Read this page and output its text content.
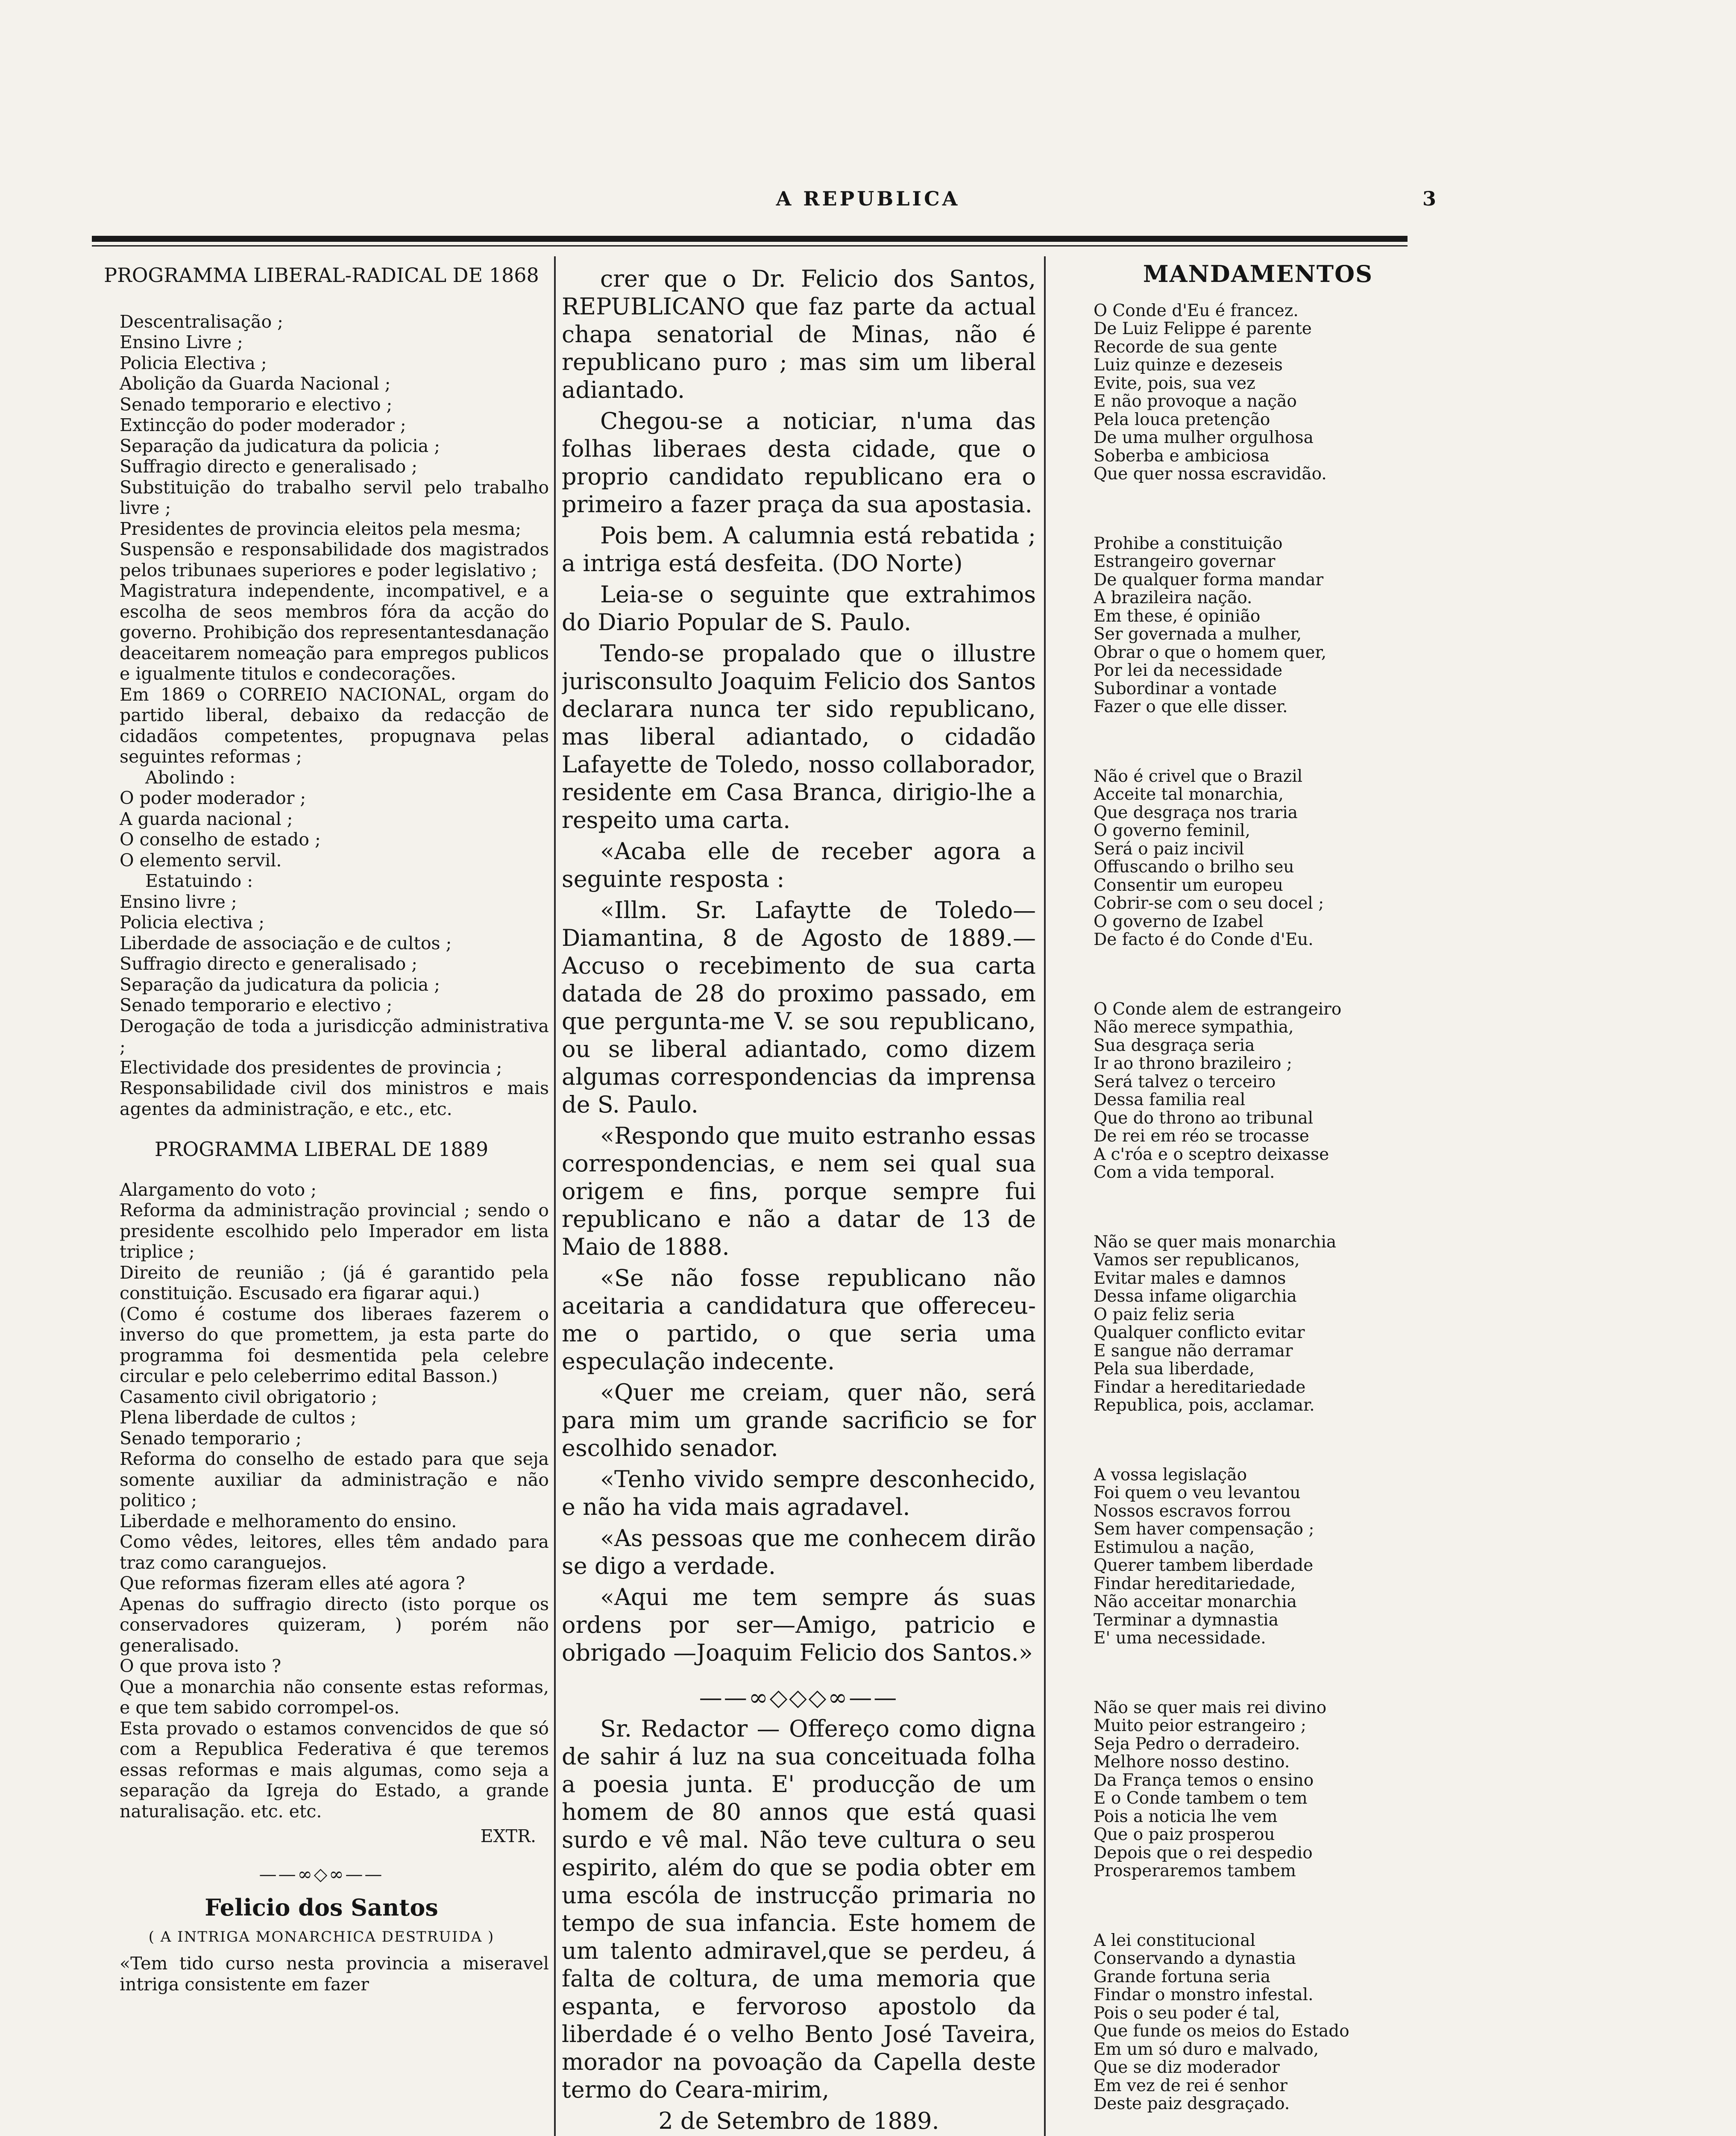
A REPUBLICA	3

PROGRAMMA LIBERAL-RADICAL DE 1868

Descentralisação ;

Ensino Livre ;

Policia Electiva ;

Abolição da Guarda Nacional ;

Senado temporario e electivo ;

Extincção do poder moderador ;

Separação da judicatura da policia ;

Suffragio directo e generalisado ;

Substituição do trabalho servil pelo trabalho livre ;

Presidentes de provincia eleitos pela mesma;

Suspensão e responsabilidade dos magistrados pelos tribunaes superiores e poder legislativo ;

Magistratura independente, incompativel, e a escolha de seos membros fóra da acção do governo. Prohibição dos representantesdanação deaceitarem nomeação para empregos publicos e igualmente titulos e condecorações.

Em 1869 o CORREIO NACIONAL, orgam do partido liberal, debaixo da redacção de cidadãos competentes, propugnava pelas seguintes reformas ;

Abolindo :

O poder moderador ;

A guarda nacional ;

O conselho de estado ;

O elemento servil.

Estatuindo :

Ensino livre ;

Policia electiva ;

Liberdade de associação e de cultos ;

Suffragio directo e generalisado ;

Separação da judicatura da policia ;

Senado temporario e electivo ;

Derogação de toda a jurisdicção administrativa ;

Electividade dos presidentes de provincia ;

Responsabilidade civil dos ministros e mais agentes da administração, e etc., etc.

PROGRAMMA LIBERAL DE 1889

Alargamento do voto ;

Reforma da administração provincial ; sendo o presidente escolhido pelo Imperador em lista triplice ;

Direito de reunião ; (já é garantido pela constituição. Escusado era figarar aqui.)

(Como é costume dos liberaes fazerem o inverso do que promettem, ja esta parte do programma foi desmentida pela celebre circular e pelo celeberrimo edital Basson.)

Casamento civil obrigatorio ;

Plena liberdade de cultos ;

Senado temporario ;

Reforma do conselho de estado para que seja somente auxiliar da administração e não politico ;

Liberdade e melhoramento do ensino.

Como vêdes, leitores, elles têm andado para traz como caranguejos.

Que reformas fizeram elles até agora ?

Apenas do suffragio directo (isto porque os conservadores quizeram, ) porém não generalisado.

O que prova isto ?

Que a monarchia não consente estas reformas, e que tem sabido corrompel-os.

Esta provado o estamos convencidos de que só com a Republica Federativa é que teremos essas reformas e mais algumas, como seja a separação da Igreja do Estado, a grande naturalisação. etc. etc.

EXTR.

——∞◇∞——

Felicio dos Santos

( A INTRIGA MONARCHICA DESTRUIDA )

«Tem tido curso nesta provincia a miseravel intriga consistente em fazer

crer que o Dr. Felicio dos Santos, REPUBLICANO que faz parte da actual chapa senatorial de Minas, não é republicano puro ; mas sim um liberal adiantado.

Chegou-se a noticiar, n'uma das folhas liberaes desta cidade, que o proprio candidato republicano era o primeiro a fazer praça da sua apostasia.

Pois bem. A calumnia está rebatida ; a intriga está desfeita. (DO Norte)

Leia-se o seguinte que extrahimos do Diario Popular de S. Paulo.

Tendo-se propalado que o illustre jurisconsulto Joaquim Felicio dos Santos declarara nunca ter sido republicano, mas liberal adiantado, o cidadão Lafayette de Toledo, nosso collaborador, residente em Casa Branca, dirigio-lhe a respeito uma carta.

«Acaba elle de receber agora a seguinte resposta :

«Illm. Sr. Lafaytte de Toledo—Diamantina, 8 de Agosto de 1889.—Accuso o recebimento de sua carta datada de 28 do proximo passado, em que pergunta-me V. se sou republicano, ou se liberal adiantado, como dizem algumas correspondencias da imprensa de S. Paulo.

«Respondo que muito estranho essas correspondencias, e nem sei qual sua origem e fins, porque sempre fui republicano e não a datar de 13 de Maio de 1888.

«Se não fosse republicano não aceitaria a candidatura que offereceu-me o partido, o que seria uma especulação indecente.

«Quer me creiam, quer não, será para mim um grande sacrificio se for escolhido senador.

«Tenho vivido sempre desconhecido, e não ha vida mais agradavel.

«As pessoas que me conhecem dirão se digo a verdade.

«Aqui me tem sempre ás suas ordens por ser—Amigo, patricio e obrigado —Joaquim Felicio dos Santos.»

——∞◇◇◇∞——

Sr. Redactor — Offereço como digna de sahir á luz na sua conceituada folha a poesia junta. E' producção de um homem de 80 annos que está quasi surdo e vê mal. Não teve cultura o seu espirito, além do que se podia obter em uma escóla de instrucção primaria no tempo de sua infancia. Este homem de um talento admiravel,que se perdeu, á falta de coltura, de uma memoria que espanta, e fervoroso apostolo da liberdade é o velho Bento José Taveira, morador na povoação da Capella deste termo do Ceara-mirim,

2 de Setembro de 1889.

MANDAMENTOS

O Conde d'Eu é francez.
De Luiz Felippe é parente
Recorde de sua gente
Luiz quinze e dezeseis
Evite, pois, sua vez
E não provoque a nação
Pela louca pretenção
De uma mulher orgulhosa
Soberba e ambiciosa
Que quer nossa escravidão.
Prohibe a constituição
Estrangeiro governar
De qualquer forma mandar
A brazileira nação.
Em these, é opinião
Ser governada a mulher,
Obrar o que o homem quer,
Por lei da necessidade
Subordinar a vontade
Fazer o que elle disser.
Não é crivel que o Brazil
Acceite tal monarchia,
Que desgraça nos traria
O governo feminil,
Será o paiz incivil
Offuscando o brilho seu
Consentir um europeu
Cobrir-se com o seu docel ;
O governo de Izabel
De facto é do Conde d'Eu.
O Conde alem de estrangeiro
Não merece sympathia,
Sua desgraça seria
Ir ao throno brazileiro ;
Será talvez o terceiro
Dessa familia real
Que do throno ao tribunal
De rei em réo se trocasse
A c'róa e o sceptro deixasse
Com a vida temporal.
Não se quer mais monarchia
Vamos ser republicanos,
Evitar males e damnos
Dessa infame oligarchia
O paiz feliz seria
Qualquer conflicto evitar
E sangue não derramar
Pela sua liberdade,
Findar a hereditariedade
Republica, pois, acclamar.
A vossa legislação
Foi quem o veu levantou
Nossos escravos forrou
Sem haver compensação ;
Estimulou a nação,
Querer tambem liberdade
Findar hereditariedade,
Não acceitar monarchia
Terminar a dymnastia
E' uma necessidade.
Não se quer mais rei divino
Muito peior estrangeiro ;
Seja Pedro o derradeiro.
Melhore nosso destino.
Da França temos o ensino
E o Conde tambem o tem
Pois a noticia lhe vem
Que o paiz prosperou
Depois que o rei despedio
Prosperaremos tambem
A lei constitucional
Conservando a dynastia
Grande fortuna seria
Findar o monstro infestal.
Pois o seu poder é tal,
Que funde os meios do Estado
Em um só duro e malvado,
Que se diz moderador
Em vez de rei é senhor
Deste paiz desgraçado.
